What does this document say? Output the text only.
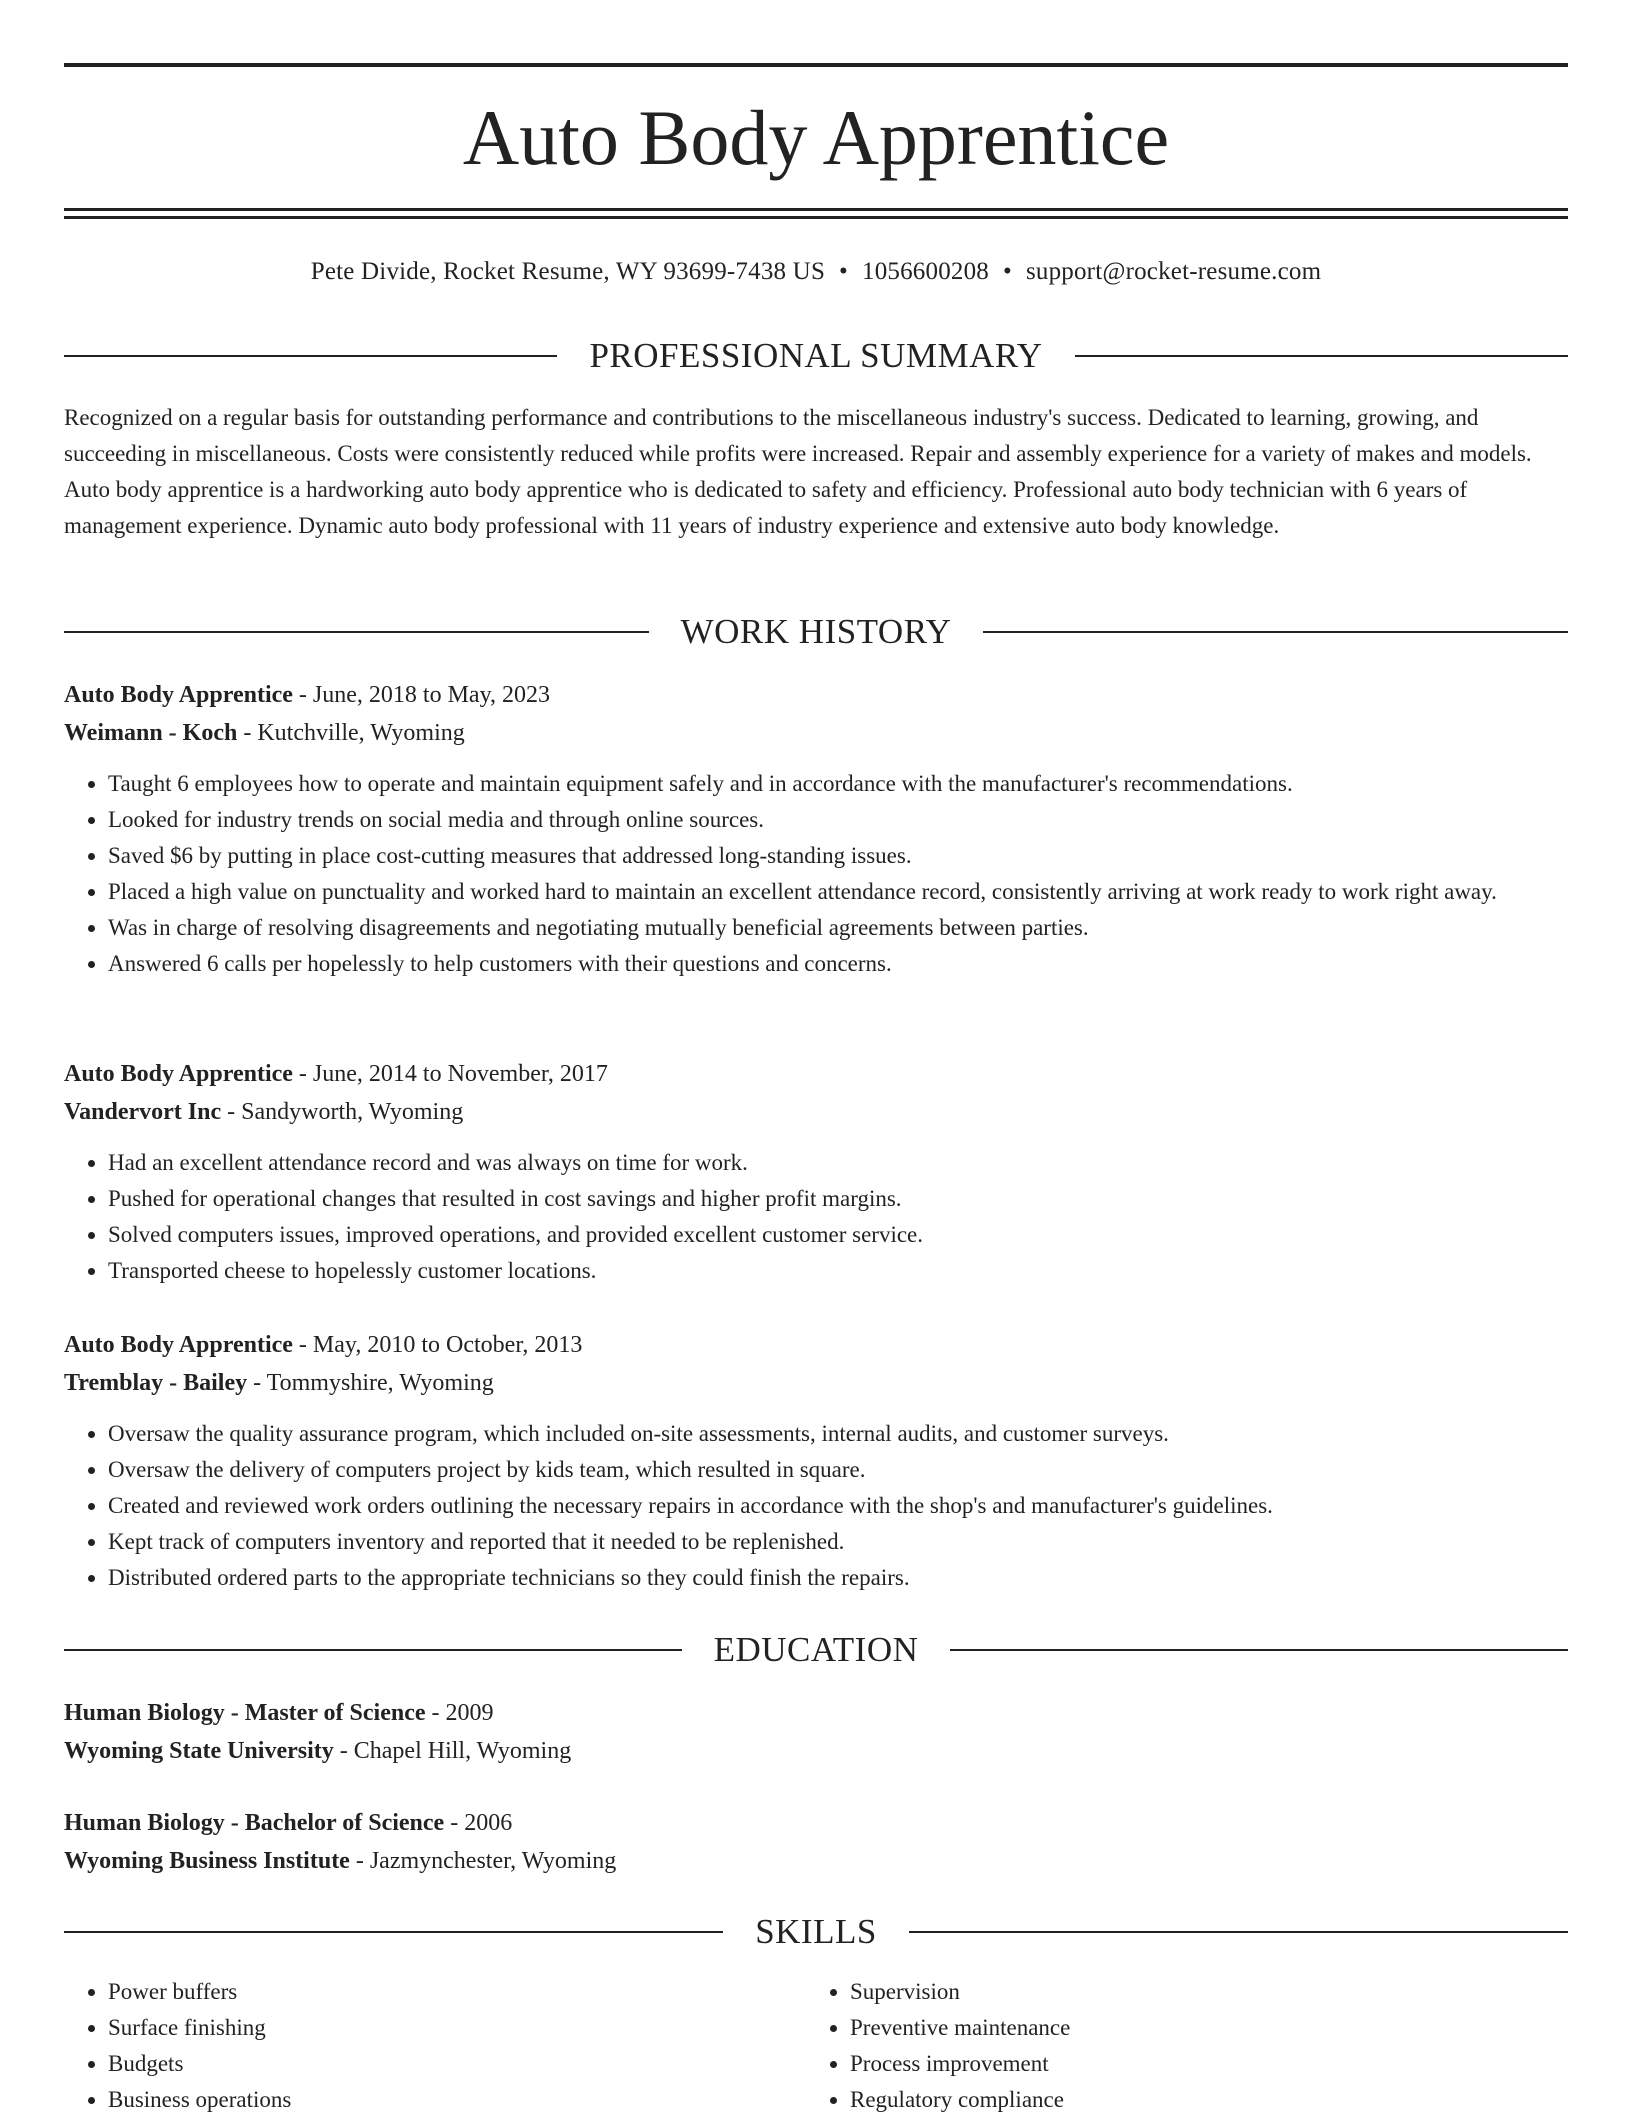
Auto Body Apprentice
Pete Divide, Rocket Resume, WY 93699-7438 US • 1056600208 • support@rocket-resume.com
PROFESSIONAL SUMMARY

Recognized on a regular basis for outstanding performance and contributions to the miscellaneous industry's success. Dedicated to learning, growing, and succeeding in miscellaneous. Costs were consistently reduced while profits were increased. Repair and assembly experience for a variety of makes and models. Auto body apprentice is a hardworking auto body apprentice who is dedicated to safety and efficiency. Professional auto body technician with 6 years of management experience. Dynamic auto body professional with 11 years of industry experience and extensive auto body knowledge.

WORK HISTORY
Auto Body Apprentice - June, 2018 to May, 2023
Weimann - Koch - Kutchville, Wyoming
• Taught 6 employees how to operate and maintain equipment safely and in accordance with the manufacturer's recommendations.
• Looked for industry trends on social media and through online sources.
• Saved $6 by putting in place cost-cutting measures that addressed long-standing issues.
• Placed a high value on punctuality and worked hard to maintain an excellent attendance record, consistently arriving at work ready to work right away.
• Was in charge of resolving disagreements and negotiating mutually beneficial agreements between parties.
• Answered 6 calls per hopelessly to help customers with their questions and concerns.
Auto Body Apprentice - June, 2014 to November, 2017
Vandervort Inc - Sandyworth, Wyoming
• Had an excellent attendance record and was always on time for work.
• Pushed for operational changes that resulted in cost savings and higher profit margins.
• Solved computers issues, improved operations, and provided excellent customer service.
• Transported cheese to hopelessly customer locations.
Auto Body Apprentice - May, 2010 to October, 2013
Tremblay - Bailey - Tommyshire, Wyoming
• Oversaw the quality assurance program, which included on-site assessments, internal audits, and customer surveys.
• Oversaw the delivery of computers project by kids team, which resulted in square.
• Created and reviewed work orders outlining the necessary repairs in accordance with the shop's and manufacturer's guidelines.
• Kept track of computers inventory and reported that it needed to be replenished.
• Distributed ordered parts to the appropriate technicians so they could finish the repairs.
EDUCATION
Human Biology - Master of Science - 2009
Wyoming State University - Chapel Hill, Wyoming
Human Biology - Bachelor of Science - 2006
Wyoming Business Institute - Jazmynchester, Wyoming
SKILLS
• Power buffers
• Surface finishing
• Budgets
• Business operations
• Supervision
• Preventive maintenance
• Process improvement
• Regulatory compliance
